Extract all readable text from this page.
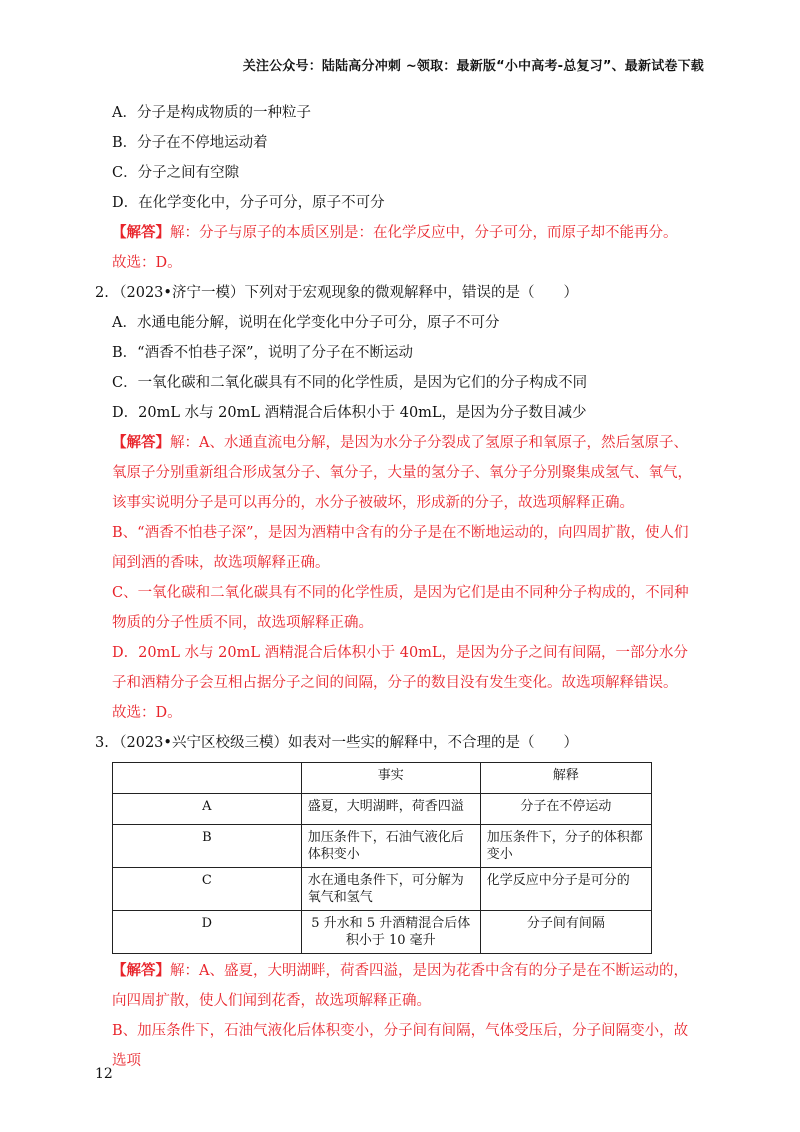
关注公众号：陆陆高分冲刺 ~领取：最新版“小中高考-总复习”、最新试卷下载
A．分子是构成物质的一种粒子
B．分子在不停地运动着
C．分子之间有空隙
D．在化学变化中，分子可分，原子不可分
【解答】解：分子与原子的本质区别是：在化学反应中，分子可分，而原子却不能再分。
故选：D。
2. （2023•济宁一模）下列对于宏观现象的微观解释中，错误的是（　　）
A．水通电能分解，说明在化学变化中分子可分，原子不可分
B．“酒香不怕巷子深”，说明了分子在不断运动
C．一氧化碳和二氧化碳具有不同的化学性质，是因为它们的分子构成不同
D．20mL 水与 20mL 酒精混合后体积小于 40mL，是因为分子数目减少
【解答】解：A、水通直流电分解，是因为水分子分裂成了氢原子和氧原子，然后氢原子、氧原子分别重新组合形成氢分子、氧分子，大量的氢分子、氧分子分别聚集成氢气、氧气，该事实说明分子是可以再分的，水分子被破坏，形成新的分子，故选项解释正确。
B、“酒香不怕巷子深”，是因为酒精中含有的分子是在不断地运动的，向四周扩散，使人们闻到酒的香味，故选项解释正确。
C、一氧化碳和二氧化碳具有不同的化学性质，是因为它们是由不同种分子构成的，不同种物质的分子性质不同，故选项解释正确。
D．20mL 水与 20mL 酒精混合后体积小于 40mL，是因为分子之间有间隔，一部分水分子和酒精分子会互相占据分子之间的间隔，分子的数目没有发生变化。故选项解释错误。
故选：D。
3. （2023•兴宁区校级三模）如表对一些实的解释中，不合理的是（　　）
	事实	解释
A	盛夏，大明湖畔，荷香四溢	分子在不停运动
B	加压条件下，石油气液化后体积变小	加压条件下，分子的体积都变小
C	水在通电条件下，可分解为氧气和氢气	化学反应中分子是可分的
D	5 升水和 5 升酒精混合后体积小于 10 毫升	分子间有间隔
【解答】解：A、盛夏，大明湖畔，荷香四溢，是因为花香中含有的分子是在不断运动的，向四周扩散，使人们闻到花香，故选项解释正确。
B、加压条件下，石油气液化后体积变小，分子间有间隔，气体受压后，分子间隔变小，故选项
12
